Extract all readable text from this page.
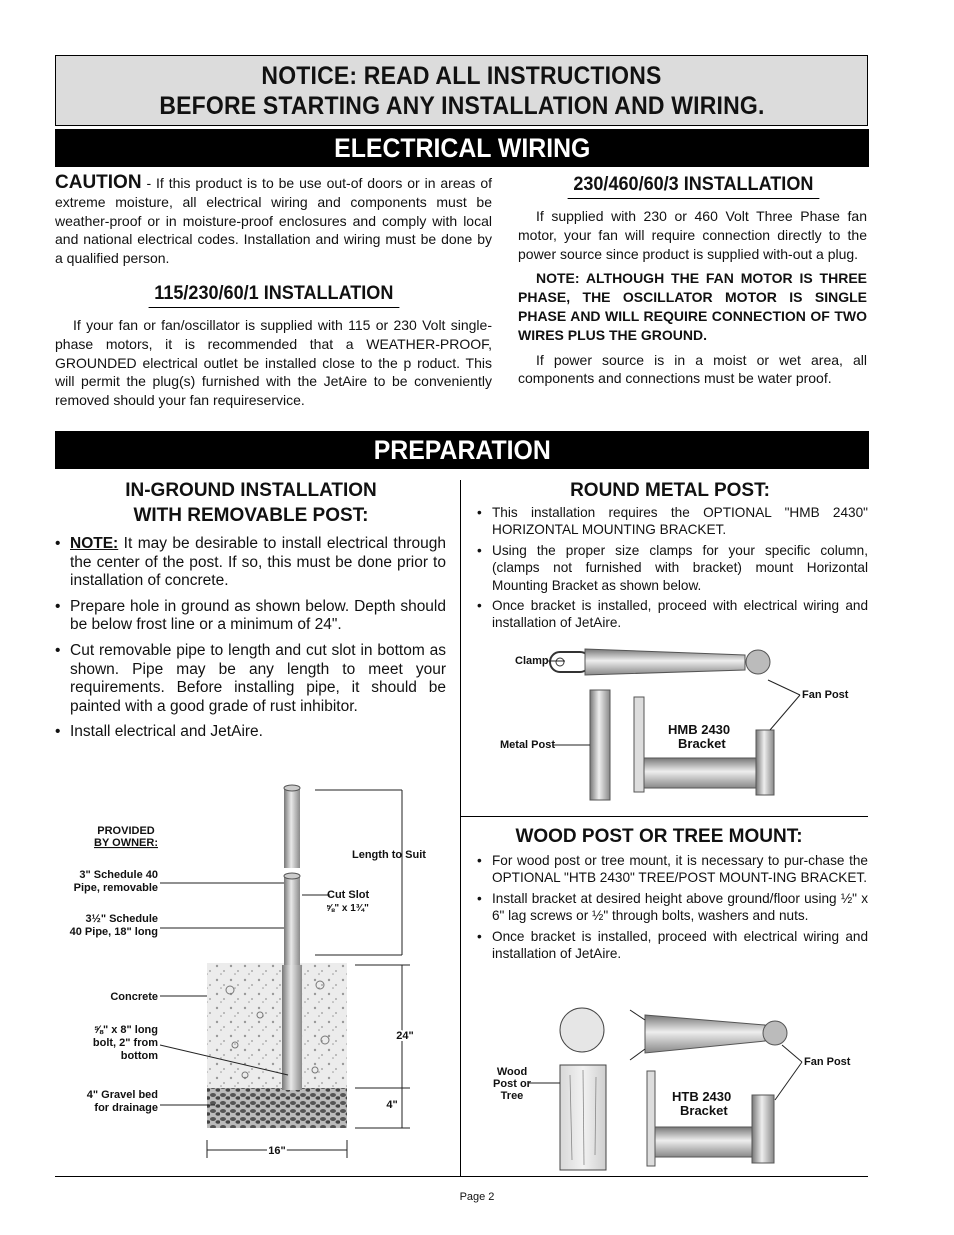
NOTICE: READ ALL INSTRUCTIONS
BEFORE STARTING ANY INSTALLATION AND WIRING.
ELECTRICAL WIRING

CAUTION - If this product is to be use out-of doors or in areas of extreme moisture, all electrical wiring and components must be weather-proof or in moisture-proof enclosures and comply with local and national electrical codes. Installation and wiring must be done by a qualified person.

115/230/60/1 INSTALLATION

If your fan or fan/oscillator is supplied with 115 or 230 Volt single-phase motors, it is recommended that a WEATHER-PROOF, GROUNDED electrical outlet be installed close to the p roduct. This will permit the plug(s) furnished with the JetAire to be conveniently removed should your fan requireservice.

230/460/60/3 INSTALLATION

If supplied with 230 or 460 Volt Three Phase fan motor, your fan will require connection directly to the power source since product is supplied with-out a plug.

NOTE: ALTHOUGH THE FAN MOTOR IS THREE PHASE, THE OSCILLATOR MOTOR IS SINGLE PHASE AND WILL REQUIRE CONNECTION OF TWO WIRES PLUS THE GROUND.

If power source is in a moist or wet area, all components and connections must be water proof.

PREPARATION
IN-GROUND INSTALLATION
WITH REMOVABLE POST:
• NOTE: It may be desirable to install electrical through the center of the post. If so, this must be done prior to installation of concrete.
• Prepare hole in ground as shown below. Depth should be below frost line or a minimum of 24".
• Cut removable pipe to length and cut slot in bottom as shown. Pipe may be any length to meet your requirements. Before installing pipe, it should be painted with a good grade of rust inhibitor.
• Install electrical and JetAire.
ROUND METAL POST:
• This installation requires the OPTIONAL "HMB 2430" HORIZONTAL MOUNTING BRACKET.
• Using the proper size clamps for your specific column, (clamps not furnished with bracket) mount Horizontal Mounting Bracket as shown below.
• Once bracket is installed, proceed with electrical wiring and installation of JetAire.
WOOD POST OR TREE MOUNT:
• For wood post or tree mount, it is necessary to pur-chase the OPTIONAL "HTB 2430" TREE/POST MOUNT-ING BRACKET.
• Install bracket at desired height above ground/floor using ½" x 6" lag screws or ½" through bolts, washers and nuts.
• Once bracket is installed, proceed with electrical wiring and installation of JetAire.
PROVIDED
BY OWNER:
3" Schedule 40
Pipe, removable
3½" Schedule
40 Pipe, 18" long
Concrete
⅝" x 8" long
bolt, 2" from
bottom
4" Gravel bed
for drainage
Length to Suit
Cut Slot
⅝" x 1¾"
24"
4"
16"
Clamp
Metal Post
Fan Post
HMB 2430
Bracket
Wood
Post or
Tree
Fan Post
HTB 2430
Bracket
Page 2
